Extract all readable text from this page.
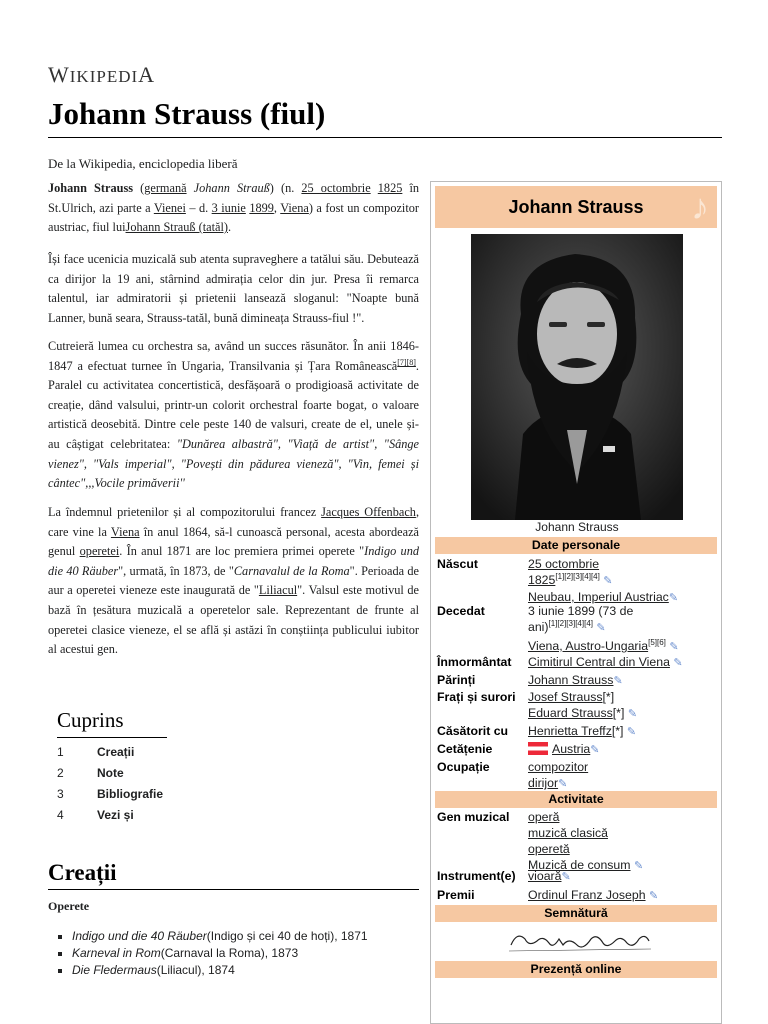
WIKIPEDIA
Johann Strauss (fiul)
De la Wikipedia, enciclopedia liberă

Johann Strauss (germană Johann Strauß) (n. 25 octombrie 1825 în St.Ulrich, azi parte a Vienei – d. 3 iunie 1899, Viena) a fost un compozitor austriac, fiul luiJohann Strauß (tatăl).

Își face ucenicia muzicală sub atenta supraveghere a tatălui său. Debutează ca dirijor la 19 ani, stârnind admirația celor din jur. Presa îi remarca talentul, iar admiratorii și prietenii lansează sloganul: "Noapte bună Lanner, bună seara, Strauss-tatăl, bună dimineața Strauss-fiul !".

Cutreieră lumea cu orchestra sa, având un succes răsunător. În anii 1846-1847 a efectuat turnee în Ungaria, Transilvania și Țara Românească[7][8]. Paralel cu activitatea concertistică, desfășoară o prodigioasă activitate de creație, dând valsului, printr-un colorit orchestral foarte bogat, o valoare artistică deosebită. Dintre cele peste 140 de valsuri, create de el, unele și-au câștigat celebritatea: "Dunărea albastră", "Viață de artist", "Sânge vienez", "Vals imperial", "Povești din pădurea vieneză", "Vin, femei și cântec",,,Vocile primăverii''

La îndemnul prietenilor și al compozitorului francez Jacques Offenbach, care vine la Viena în anul 1864, să-l cunoască personal, acesta abordează genul operetei. În anul 1871 are loc premiera primei operete "Indigo und die 40 Räuber", urmată, în 1873, de "Carnavalul de la Roma". Perioada de aur a operetei vieneze este inaugurată de "Liliacul". Valsul este motivul de bază în țesătura muzicală a operetelor sale. Reprezentant de frunte al operetei clasice vieneze, el se află și astăzi în conștiința publicului iubitor al acestui gen.

Cuprins
1	Creații
2	Note
3	Bibliografie
4	Vezi și
Creații
Operete
▪ Indigo und die 40 Räuber(Indigo și cei 40 de hoți), 1871
▪ Karneval in Rom(Carnaval la Roma), 1873
▪ Die Fledermaus(Liliacul), 1874
Johann Strauss ♪
Johann Strauss
Date personale
Născut	25 octombrie
1825[1][2][3][4][4] ✎
Neubau, Imperiul Austriac✎
Decedat	3 iunie 1899 (73 de
ani)[1][2][3][4][4] ✎
Viena, Austro-Ungaria[5][6] ✎
Înmormântat Cimitirul Central din Viena ✎
Părinți	Johann Strauss✎
Frați și surori Josef Strauss[*]
Eduard Strauss[*] ✎
Căsătorit cu Henrietta Treffz[*] ✎
Cetățenie	Austria✎
Ocupație	compozitor
dirijor✎
Activitate
Gen muzical operă
muzică clasică
operetă
Muzică de consum ✎
Instrument(e) vioară✎
Premii	Ordinul Franz Joseph ✎
Semnătură
Prezență online
